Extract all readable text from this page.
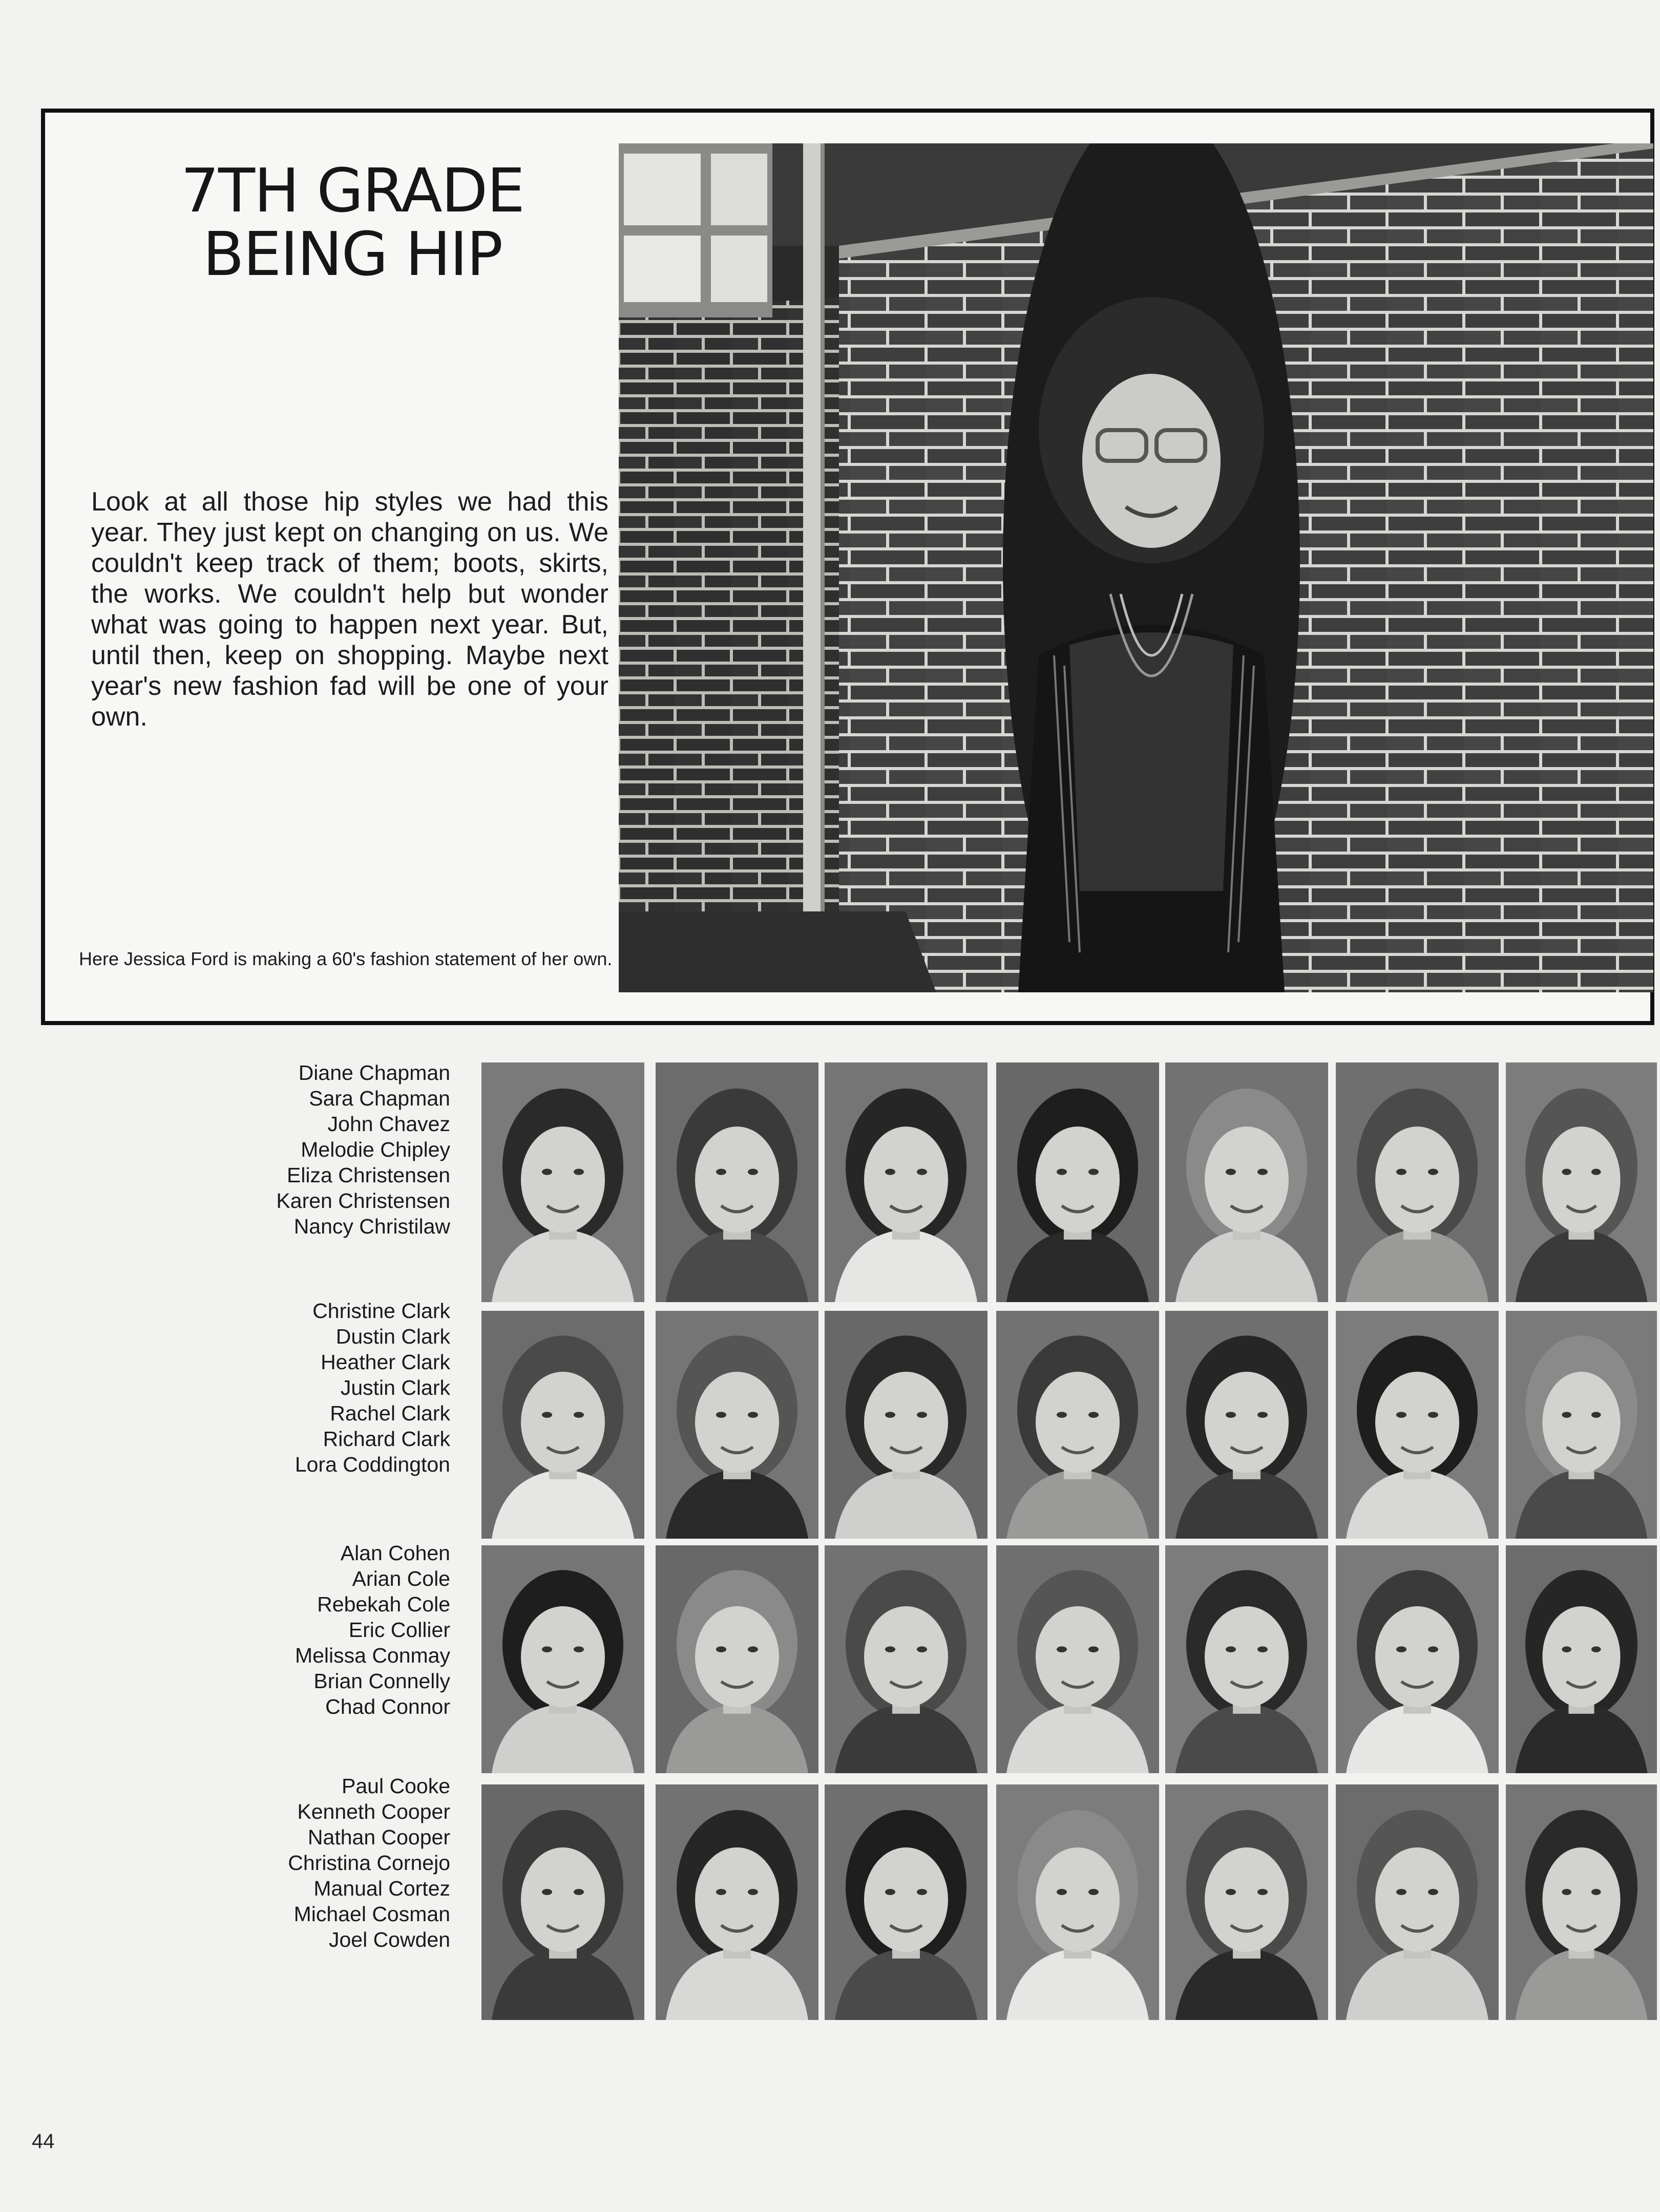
7TH GRADE
BEING HIP
Look at all those hip styles we had this year. They just kept on changing on us. We couldn't keep track of them; boots, skirts, the works. We couldn't help but wonder what was going to happen next year. But, until then, keep on shopping. Maybe next year's new fashion fad will be one of your own.
Here Jessica Ford is making a 60's fashion statement of her own.
Diane Chapman
Sara Chapman
John Chavez
Melodie Chipley
Eliza Christensen
Karen Christensen
Nancy Christilaw
Christine Clark
Dustin Clark
Heather Clark
Justin Clark
Rachel Clark
Richard Clark
Lora Coddington
Alan Cohen
Arian Cole
Rebekah Cole
Eric Collier
Melissa Conmay
Brian Connelly
Chad Connor
Paul Cooke
Kenneth Cooper
Nathan Cooper
Christina Cornejo
Manual Cortez
Michael Cosman
Joel Cowden
44
